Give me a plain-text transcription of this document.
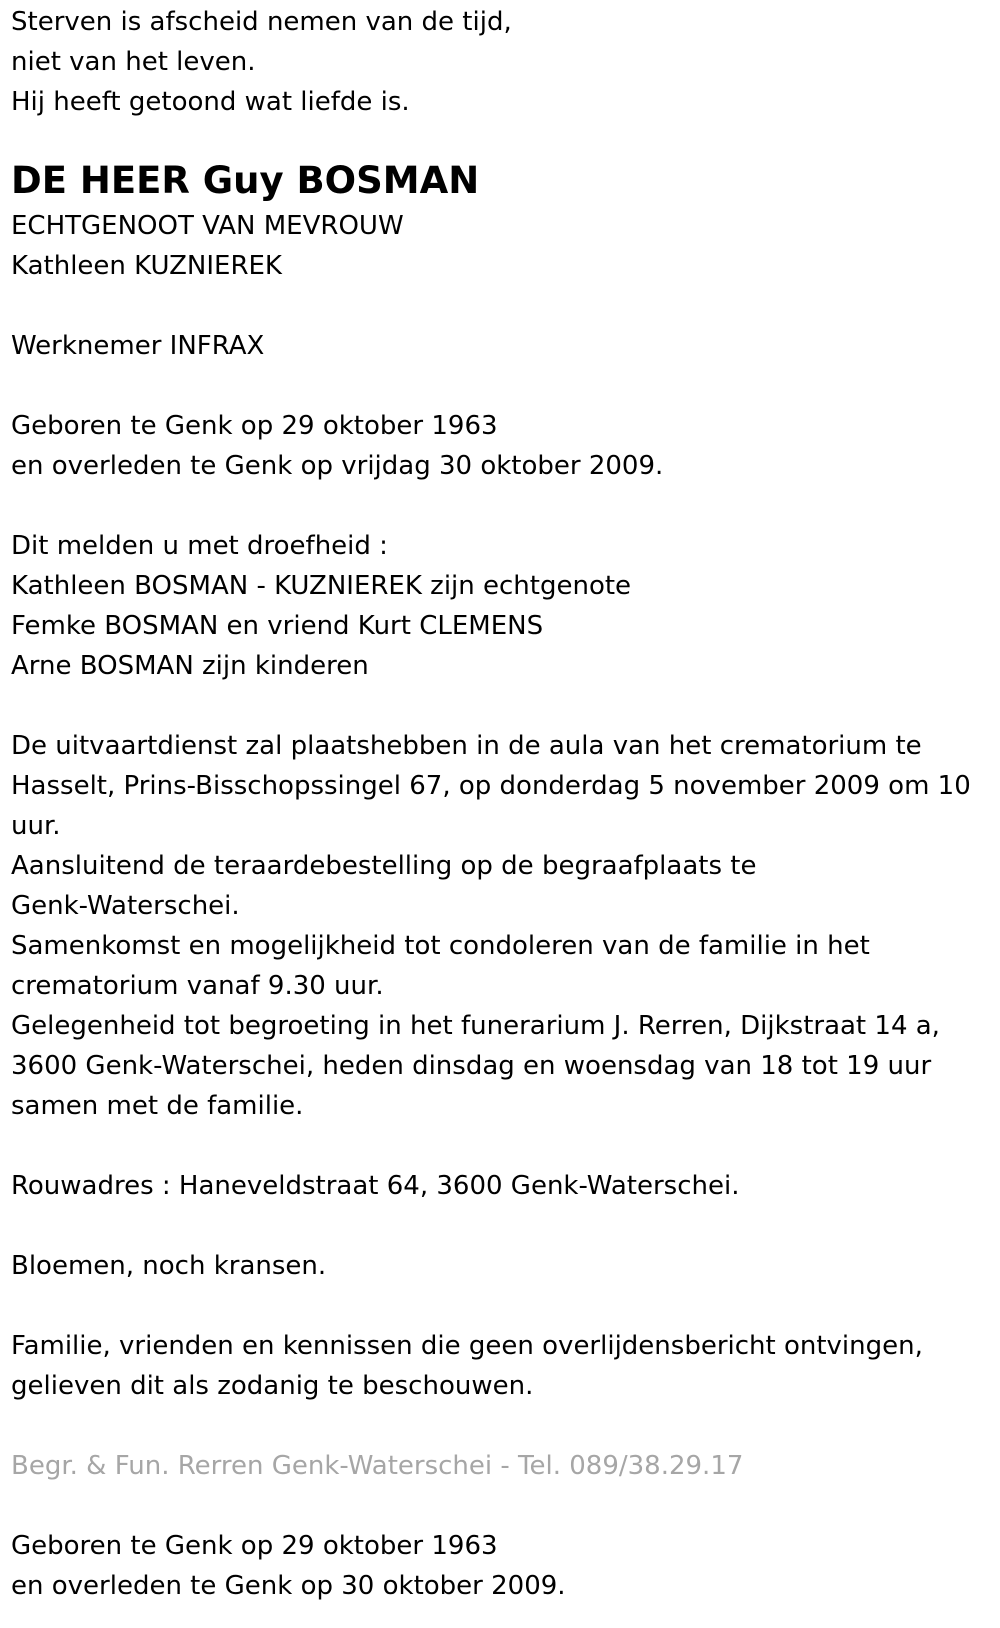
Sterven is afscheid nemen van de tijd,

niet van het leven.

Hij heeft getoond wat liefde is.

DE HEER Guy BOSMAN

ECHTGENOOT VAN MEVROUW

Kathleen KUZNIEREK

Werknemer INFRAX

Geboren te Genk op 29 oktober 1963

en overleden te Genk op vrijdag 30 oktober 2009.

Dit melden u met droefheid :

Kathleen BOSMAN - KUZNIEREK zijn echtgenote

Femke BOSMAN en vriend Kurt CLEMENS

Arne BOSMAN zijn kinderen

De uitvaartdienst zal plaatshebben in de aula van het crematorium te

Hasselt, Prins-Bisschopssingel 67, op donderdag 5 november 2009 om 10

uur.

Aansluitend de teraardebestelling op de begraafplaats te

Genk-Waterschei.

Samenkomst en mogelijkheid tot condoleren van de familie in het

crematorium vanaf 9.30 uur.

Gelegenheid tot begroeting in het funerarium J. Rerren, Dijkstraat 14 a,

3600 Genk-Waterschei, heden dinsdag en woensdag van 18 tot 19 uur

samen met de familie.

Rouwadres : Haneveldstraat 64, 3600 Genk-Waterschei.

Bloemen, noch kransen.

Familie, vrienden en kennissen die geen overlijdensbericht ontvingen,

gelieven dit als zodanig te beschouwen.

Begr. & Fun. Rerren Genk-Waterschei - Tel. 089/38.29.17

Geboren te Genk op 29 oktober 1963

en overleden te Genk op 30 oktober 2009.
